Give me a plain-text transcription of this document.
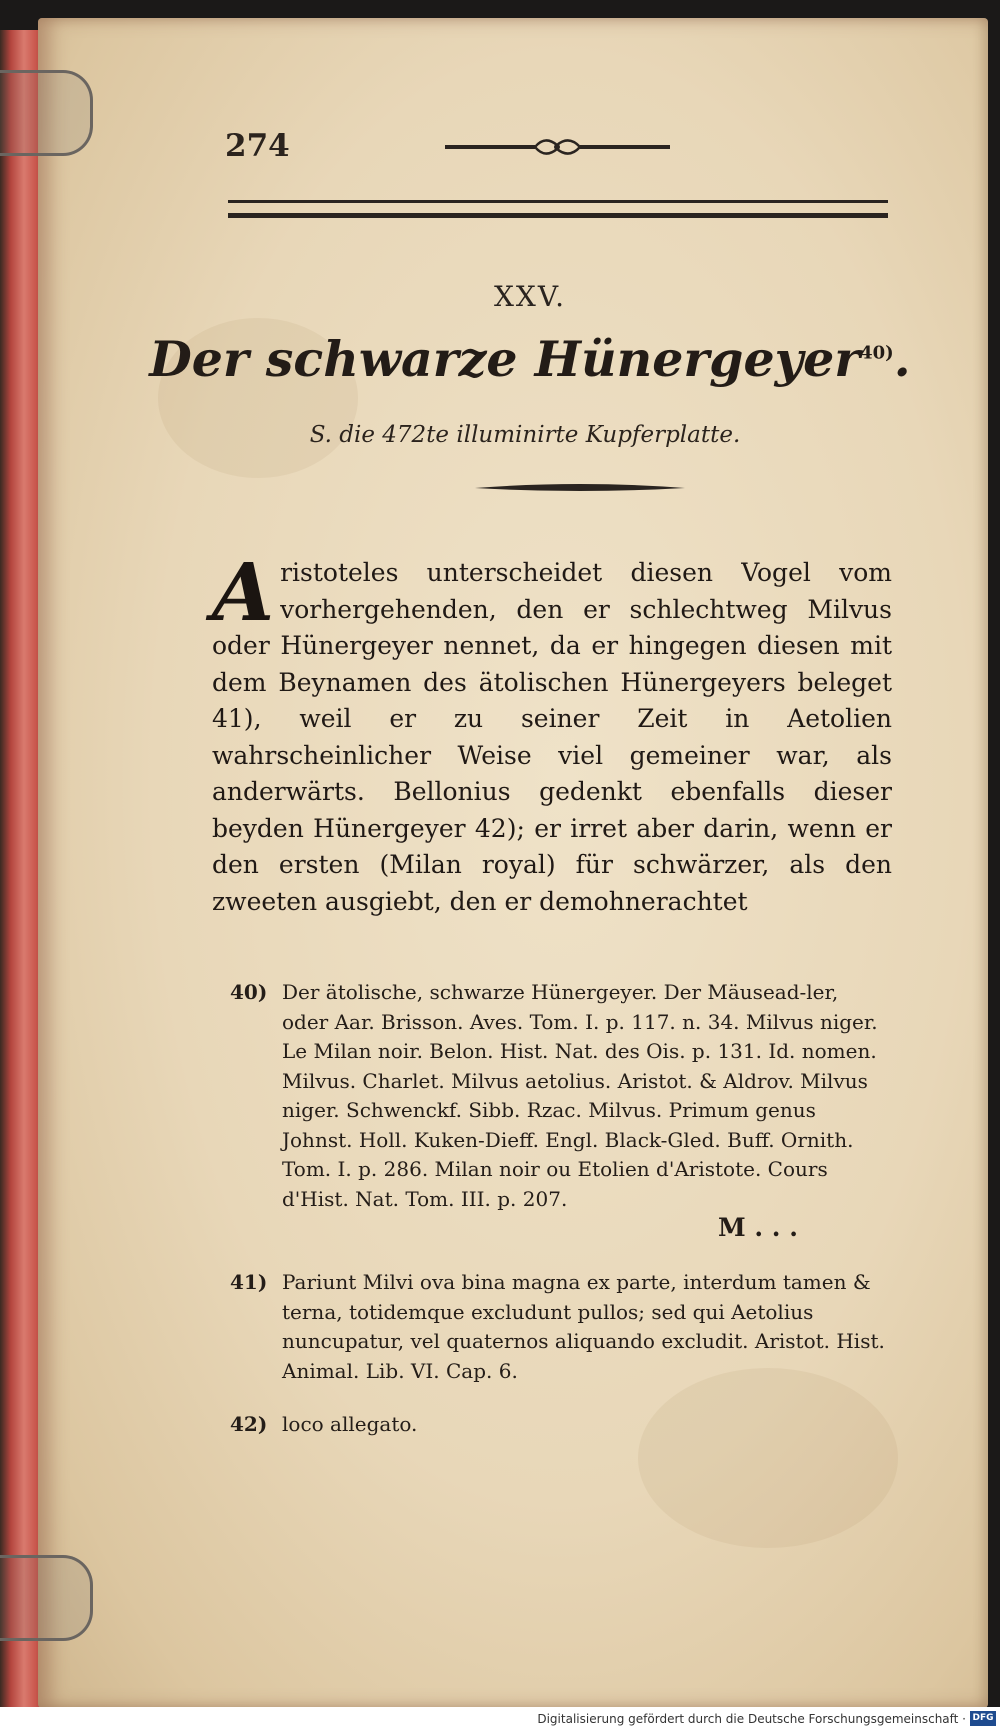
274
XXV.
Der schwarze Hünergeyer$^{40)}$.
S. die 472te illuminirte Kupferplatte.
Aristoteles unterscheidet diesen Vogel vom vorhergehenden, den er schlechtweg Milvus oder Hünergeyer nennet, da er hingegen diesen mit dem Beynamen des ätolischen Hünergeyers beleget 41), weil er zu seiner Zeit in Aetolien wahrscheinlicher Weise viel gemeiner war, als anderwärts. Bellonius gedenkt ebenfalls dieser beyden Hünergeyer 42); er irret aber darin, wenn er den ersten (Milan royal) für schwärzer, als den zweeten ausgiebt, den er demohnerachtet
40) Der ätolische, schwarze Hünergeyer. Der Mäusead-ler, oder Aar. Brisson. Aves. Tom. I. p. 117. n. 34. Milvus niger. Le Milan noir. Belon. Hist. Nat. des Ois. p. 131. Id. nomen. Milvus. Charlet. Milvus aetolius. Aristot. & Aldrov. Milvus niger. Schwenckf. Sibb. Rzac. Milvus. Primum genus Johnst. Holl. Kuken-Dieff. Engl. Black-Gled. Buff. Ornith. Tom. I. p. 286. Milan noir ou Etolien d'Aristote. Cours d'Hist. Nat. Tom. III. p. 207.
M . . .
41) Pariunt Milvi ova bina magna ex parte, interdum tamen & terna, totidemque excludunt pullos; sed qui Aetolius nuncupatur, vel quaternos aliquando excludit. Aristot. Hist. Animal. Lib. VI. Cap. 6.
42) loco allegato.
Digitalisierung gefördert durch die Deutsche Forschungsgemeinschaft · DFG
